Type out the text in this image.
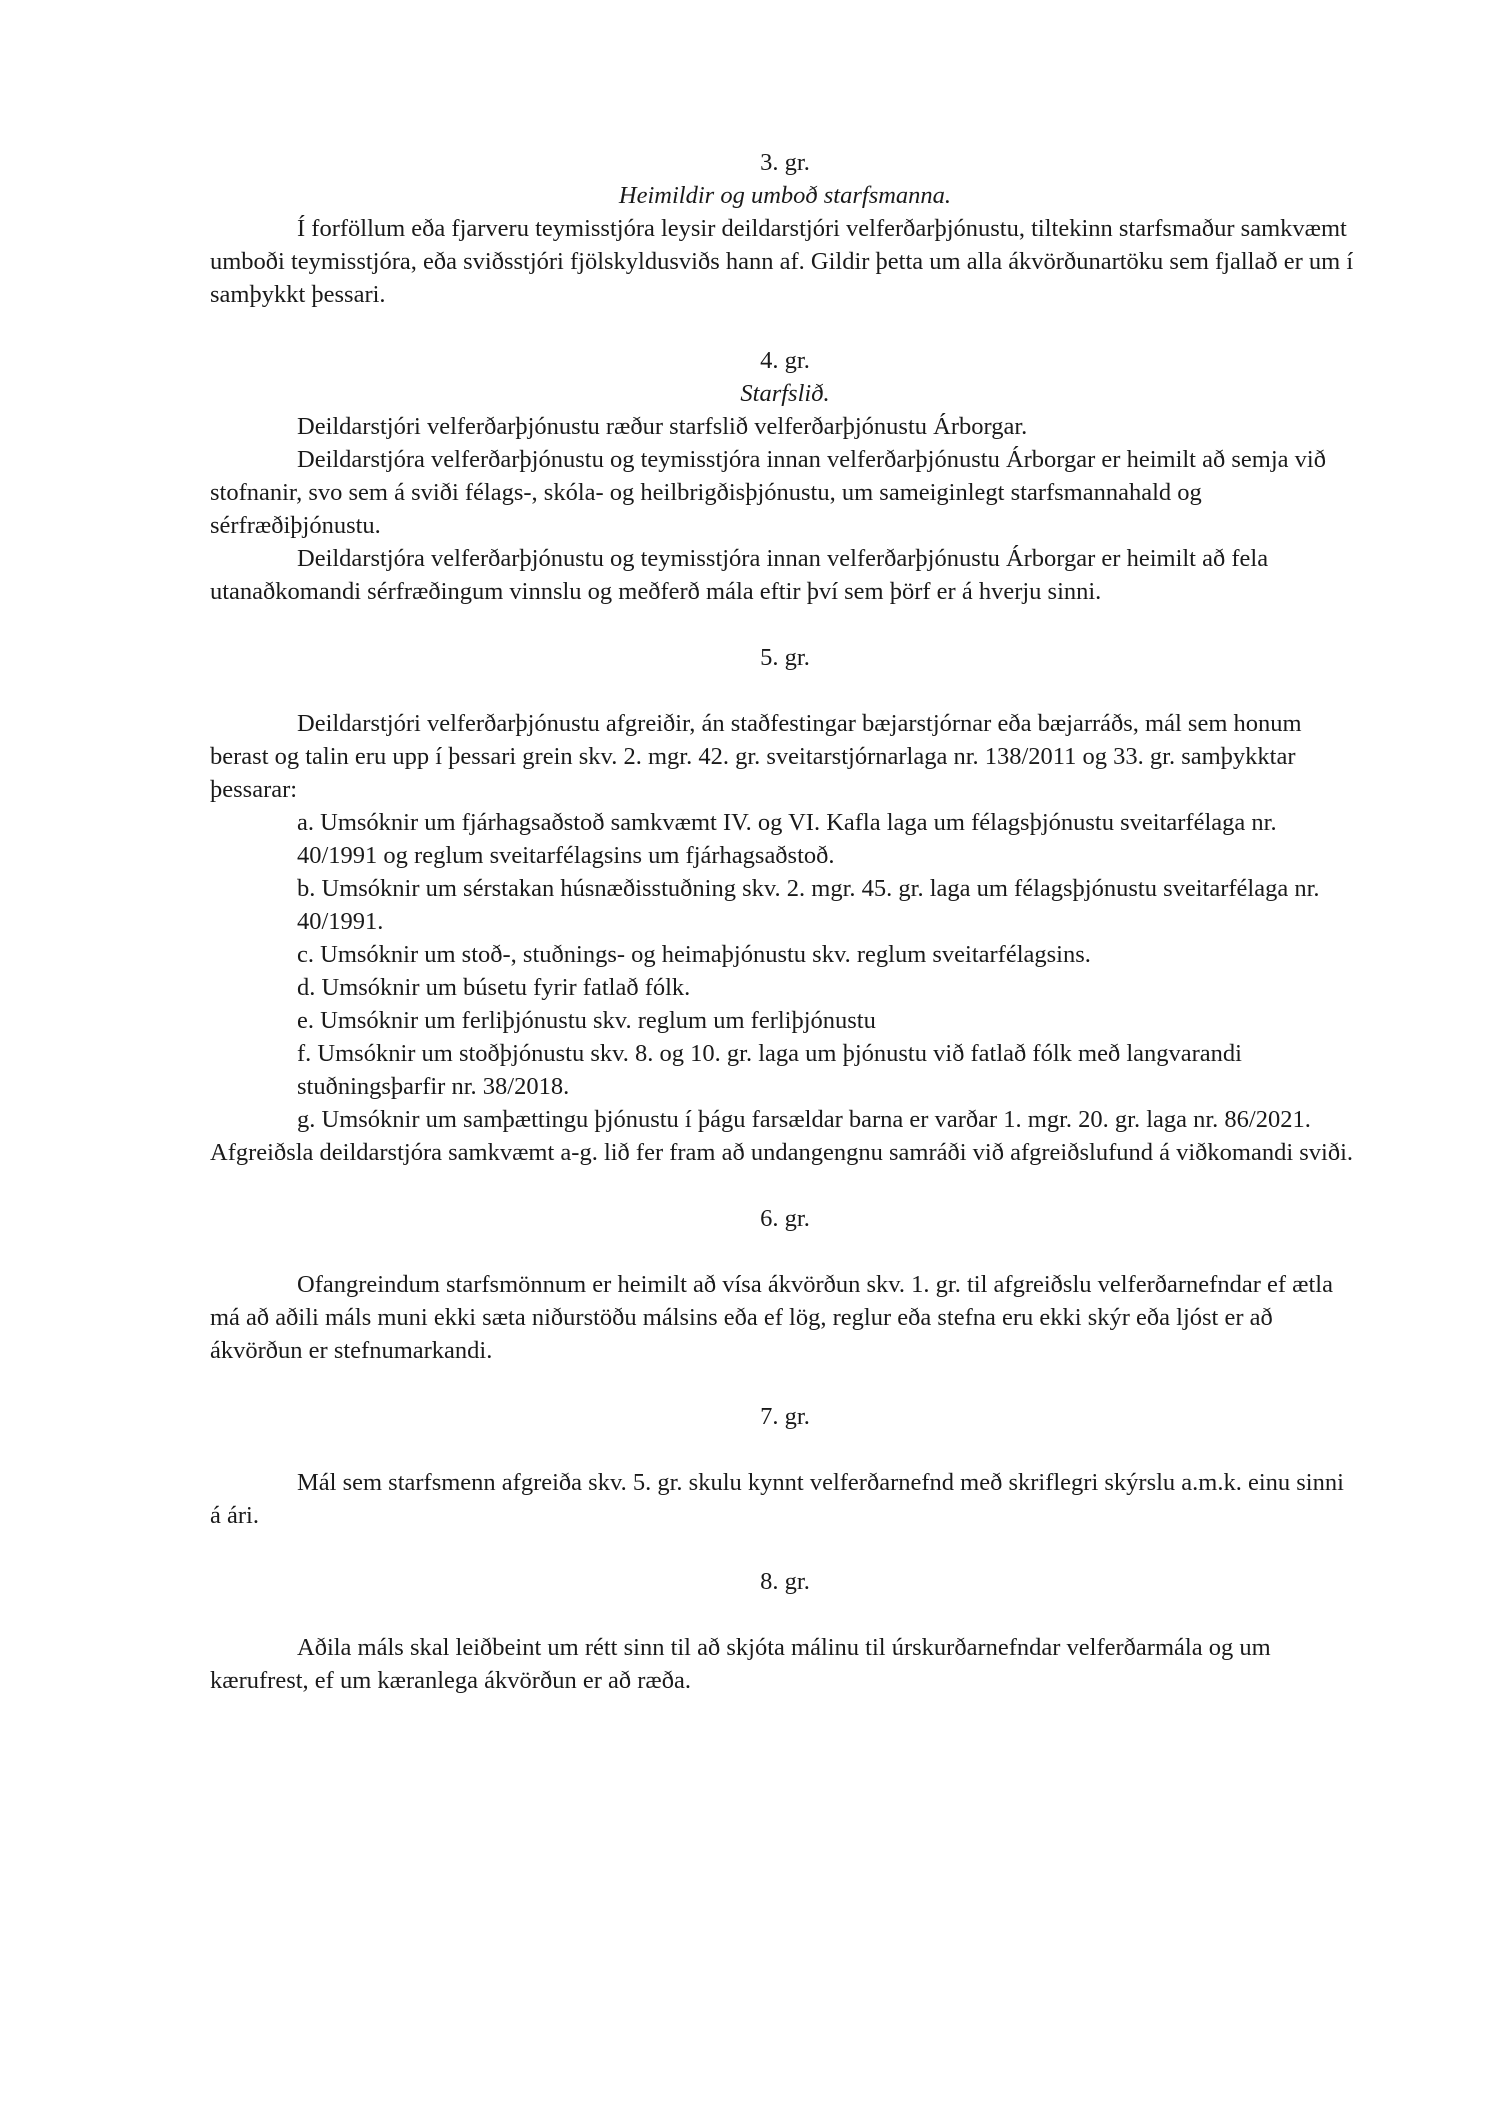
3. gr.

Heimildir og umboð starfsmanna.

Í forföllum eða fjarveru teymisstjóra leysir deildarstjóri velferðarþjónustu, tiltekinn starfsmaður samkvæmt umboði teymisstjóra, eða sviðsstjóri fjölskyldusviðs hann af. Gildir þetta um alla ákvörðunartöku sem fjallað er um í samþykkt þessari.

4. gr.

Starfslið.

Deildarstjóri velferðarþjónustu ræður starfslið velferðarþjónustu Árborgar.

Deildarstjóra velferðarþjónustu og teymisstjóra innan velferðarþjónustu Árborgar er heimilt að semja við stofnanir, svo sem á sviði félags-, skóla- og heilbrigðisþjónustu, um sameiginlegt starfsmannahald og sérfræðiþjónustu.

Deildarstjóra velferðarþjónustu og teymisstjóra innan velferðarþjónustu Árborgar er heimilt að fela utanaðkomandi sérfræðingum vinnslu og meðferð mála eftir því sem þörf er á hverju sinni.

5. gr.

Deildarstjóri velferðarþjónustu afgreiðir, án staðfestingar bæjarstjórnar eða bæjarráðs, mál sem honum berast og talin eru upp í þessari grein skv. 2. mgr. 42. gr. sveitarstjórnarlaga nr. 138/2011 og 33. gr. samþykktar þessarar:

a. Umsóknir um fjárhagsaðstoð samkvæmt IV. og VI. Kafla laga um félagsþjónustu sveitarfélaga nr. 40/1991 og reglum sveitarfélagsins um fjárhagsaðstoð.

b. Umsóknir um sérstakan húsnæðisstuðning skv. 2. mgr. 45. gr. laga um félagsþjónustu sveitarfélaga nr. 40/1991.

c. Umsóknir um stoð-, stuðnings- og heimaþjónustu skv. reglum sveitarfélagsins.

d. Umsóknir um búsetu fyrir fatlað fólk.

e. Umsóknir um ferliþjónustu skv. reglum um ferliþjónustu

f. Umsóknir um stoðþjónustu skv. 8. og 10. gr. laga um þjónustu við fatlað fólk með langvarandi stuðningsþarfir nr. 38/2018.

g. Umsóknir um samþættingu þjónustu í þágu farsældar barna er varðar 1. mgr. 20. gr. laga nr. 86/2021.

Afgreiðsla deildarstjóra samkvæmt a-g. lið fer fram að undangengnu samráði við afgreiðslufund á viðkomandi sviði.

6. gr.

Ofangreindum starfsmönnum er heimilt að vísa ákvörðun skv. 1. gr. til afgreiðslu velferðarnefndar ef ætla má að aðili máls muni ekki sæta niðurstöðu málsins eða ef lög, reglur eða stefna eru ekki skýr eða ljóst er að ákvörðun er stefnumarkandi.

7. gr.

Mál sem starfsmenn afgreiða skv. 5. gr. skulu kynnt velferðarnefnd með skriflegri skýrslu a.m.k. einu sinni á ári.

8. gr.

Aðila máls skal leiðbeint um rétt sinn til að skjóta málinu til úrskurðarnefndar velferðarmála og um kærufrest, ef um kæranlega ákvörðun er að ræða.
